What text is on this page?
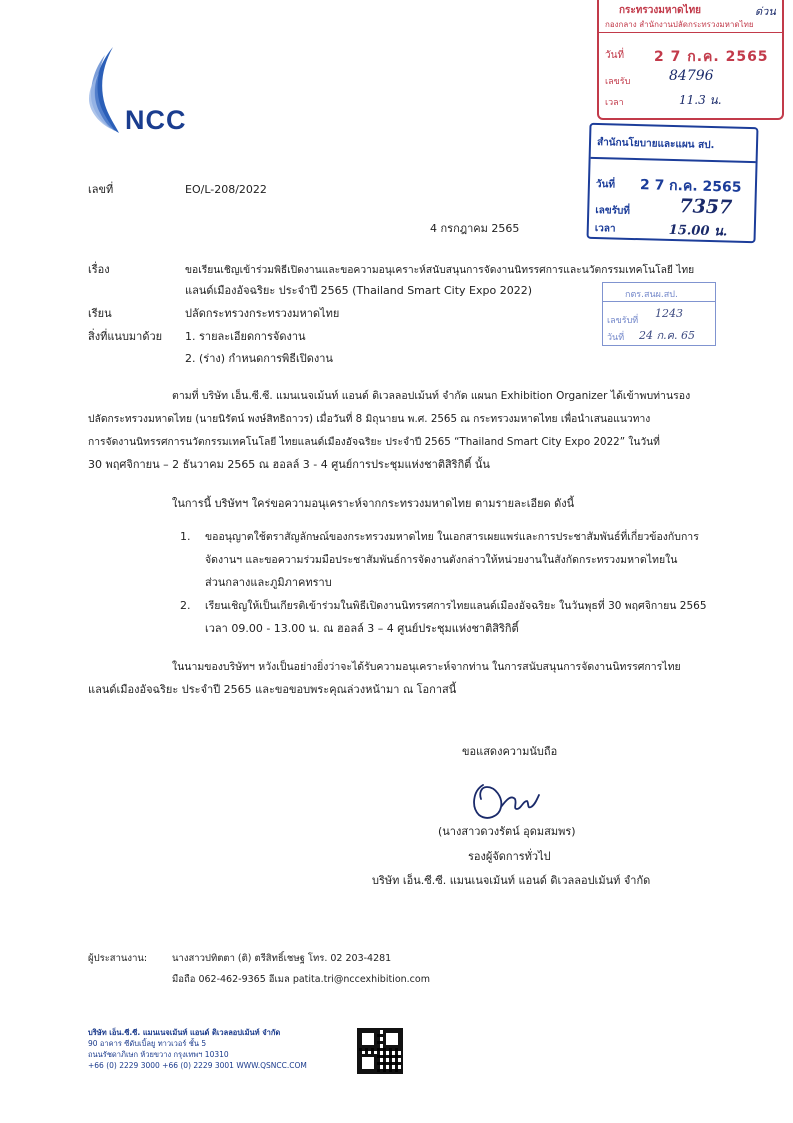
NCC
กระทรวงมหาดไทย
กองกลาง สำนักงานปลัดกระทรวงมหาดไทย
วันที่	2 7 ก.ค. 2565
เลขรับ	84796
เวลา	11.3 น.
ด่วน
สำนักนโยบายและแผน สป.
วันที่ 2 7 ก.ค. 2565
เลขรับที่	7357
เวลา	15.00 น.
กตร.สนผ.สป.
เลขรับที่
1243
วันที่ 24 ก.ค. 65
เลขที่	EO/L-208/2022
4 กรกฎาคม 2565
เรื่อง	ขอเรียนเชิญเข้าร่วมพิธีเปิดงานและขอความอนุเคราะห์สนับสนุนการจัดงานนิทรรศการและนวัตกรรมเทคโนโลยี ไทย
แลนด์เมืองอัจฉริยะ ประจำปี 2565 (Thailand Smart City Expo 2022)
เรียน	ปลัดกระทรวงกระทรวงมหาดไทย
สิ่งที่แนบมาด้วย 1. รายละเอียดการจัดงาน
2. (ร่าง) กำหนดการพิธีเปิดงาน
ตามที่ บริษัท เอ็น.ซี.ซี. แมนเนจเม้นท์ แอนด์ ดิเวลลอปเม้นท์ จำกัด แผนก Exhibition Organizer ได้เข้าพบท่านรอง
ปลัดกระทรวงมหาดไทย (นายนิรัตน์ พงษ์สิทธิถาวร) เมื่อวันที่ 8 มิถุนายน พ.ศ. 2565 ณ กระทรวงมหาดไทย เพื่อนำเสนอแนวทาง
การจัดงานนิทรรศการนวัตกรรมเทคโนโลยี ไทยแลนด์เมืองอัจฉริยะ ประจำปี 2565 “Thailand Smart City Expo 2022” ในวันที่
30 พฤศจิกายน – 2 ธันวาคม 2565 ณ ฮอลล์ 3 - 4 ศูนย์การประชุมแห่งชาติสิริกิติ์ นั้น
ในการนี้ บริษัทฯ ใคร่ขอความอนุเคราะห์จากกระทรวงมหาดไทย ตามรายละเอียด ดังนี้
1. ขออนุญาตใช้ตราสัญลักษณ์ของกระทรวงมหาดไทย ในเอกสารเผยแพร่และการประชาสัมพันธ์ที่เกี่ยวข้องกับการ
จัดงานฯ และขอความร่วมมือประชาสัมพันธ์การจัดงานดังกล่าวให้หน่วยงานในสังกัดกระทรวงมหาดไทยใน
ส่วนกลางและภูมิภาคทราบ
2. เรียนเชิญให้เป็นเกียรติเข้าร่วมในพิธีเปิดงานนิทรรศการไทยแลนด์เมืองอัจฉริยะ ในวันพุธที่ 30 พฤศจิกายน 2565
เวลา 09.00 - 13.00 น. ณ ฮอลล์ 3 – 4 ศูนย์ประชุมแห่งชาติสิริกิติ์
ในนามของบริษัทฯ หวังเป็นอย่างยิ่งว่าจะได้รับความอนุเคราะห์จากท่าน ในการสนับสนุนการจัดงานนิทรรศการไทย
แลนด์เมืองอัจฉริยะ ประจำปี 2565 และขอขอบพระคุณล่วงหน้ามา ณ โอกาสนี้
ขอแสดงความนับถือ
(นางสาวดวงรัตน์ อุดมสมพร)
รองผู้จัดการทั่วไป
บริษัท เอ็น.ซี.ซี. แมนเนจเม้นท์ แอนด์ ดิเวลลอปเม้นท์ จำกัด
ผู้ประสานงาน:	นางสาวปทิตตา (ติ) ตรีสิทธิ์เชษฐ โทร. 02 203-4281
มือถือ 062-462-9365 อีเมล patita.tri@nccexhibition.com
บริษัท เอ็น.ซี.ซี. แมนเนจเม้นท์ แอนด์ ดิเวลลอปเม้นท์ จำกัด
90 อาคาร ซีดับเบิ้ลยู ทาวเวอร์ ชั้น 5
ถนนรัชดาภิเษก ห้วยขวาง กรุงเทพฯ 10310
+66 (0) 2229 3000 +66 (0) 2229 3001 WWW.QSNCC.COM
